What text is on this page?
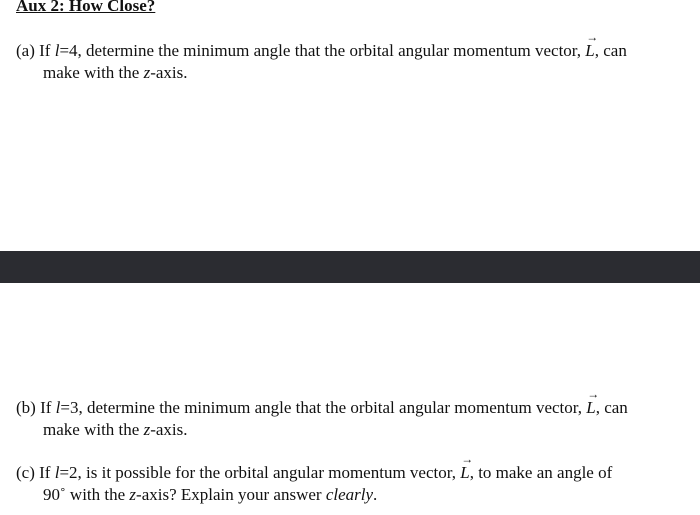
Aux 2: How Close?
(a) If l=4, determine the minimum angle that the orbital angular momentum vector,
→
L, can
make with the z-axis.
(b) If l=3, determine the minimum angle that the orbital angular momentum vector,
→
L, can
make with the z-axis.
(c) If l=2, is it possible for the orbital angular momentum vector,
→
L, to make an angle of
90˚ with the z-axis? Explain your answer clearly.
